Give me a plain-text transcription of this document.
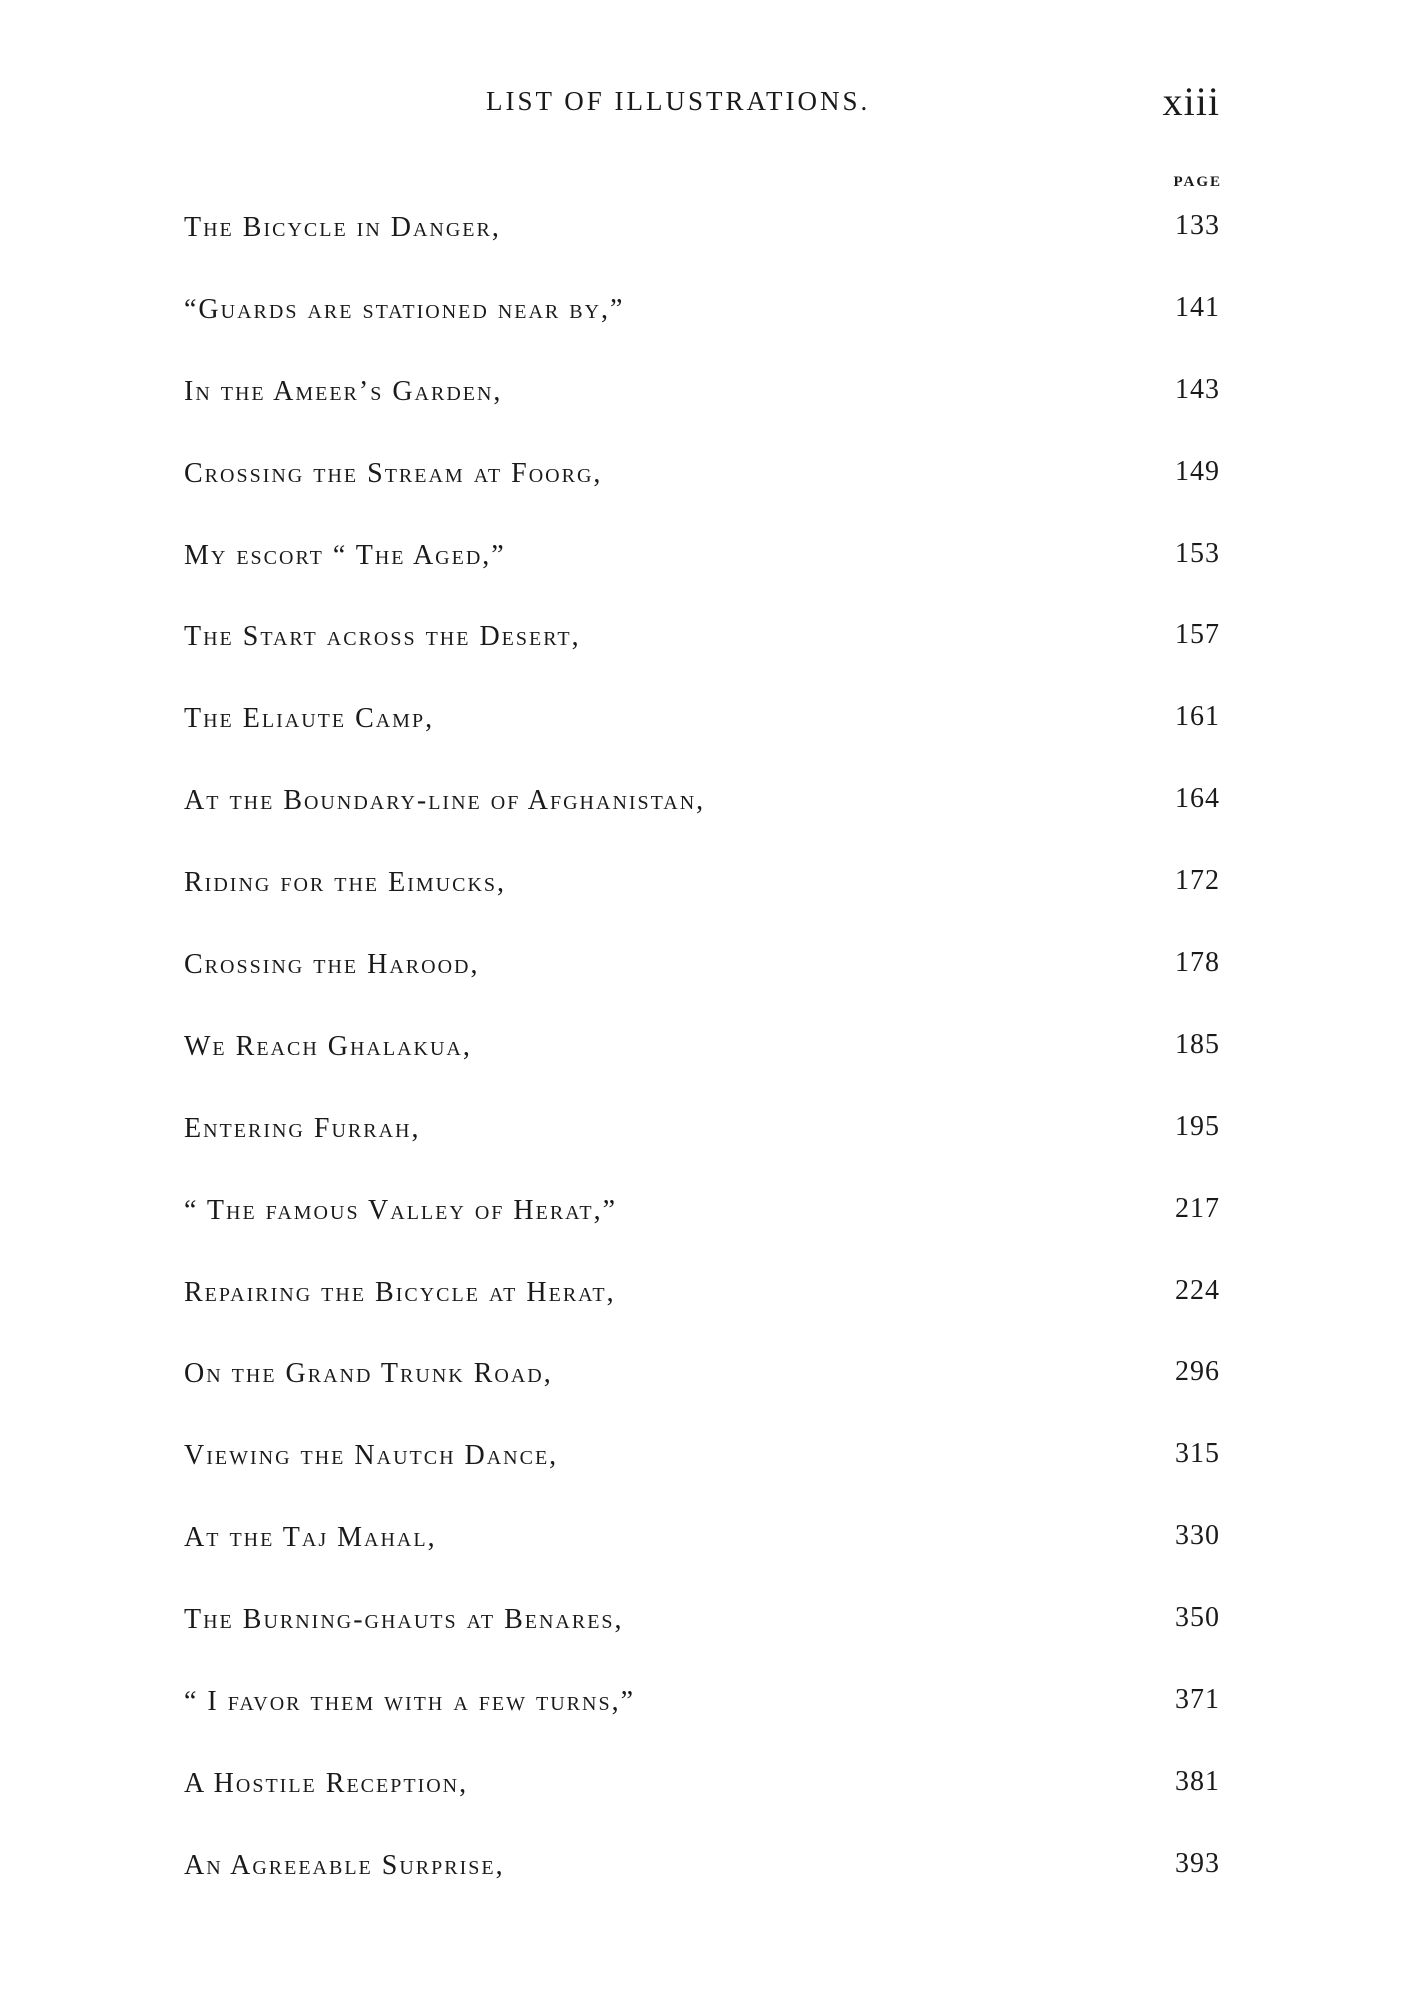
LIST OF ILLUSTRATIONS.	xiii
PAGE
The Bicycle in Danger,	133
“Guards are stationed near by,”	141
In the Ameer’s Garden,	143
Crossing the Stream at Foorg,	149
My escort “ The Aged,”	153
The Start across the Desert,	157
The Eliaute Camp,	161
At the Boundary-line of Afghanistan,	164
Riding for the Eimucks,	172
Crossing the Harood,	178
We Reach Ghalakua,	185
Entering Furrah,	195
“ The famous Valley of Herat,”	217
Repairing the Bicycle at Herat,	224
On the Grand Trunk Road,	296
Viewing the Nautch Dance,	315
At the Taj Mahal,	330
The Burning-ghauts at Benares,	350
“ I favor them with a few turns,”	371
A Hostile Reception,	381
An Agreeable Surprise,	393
